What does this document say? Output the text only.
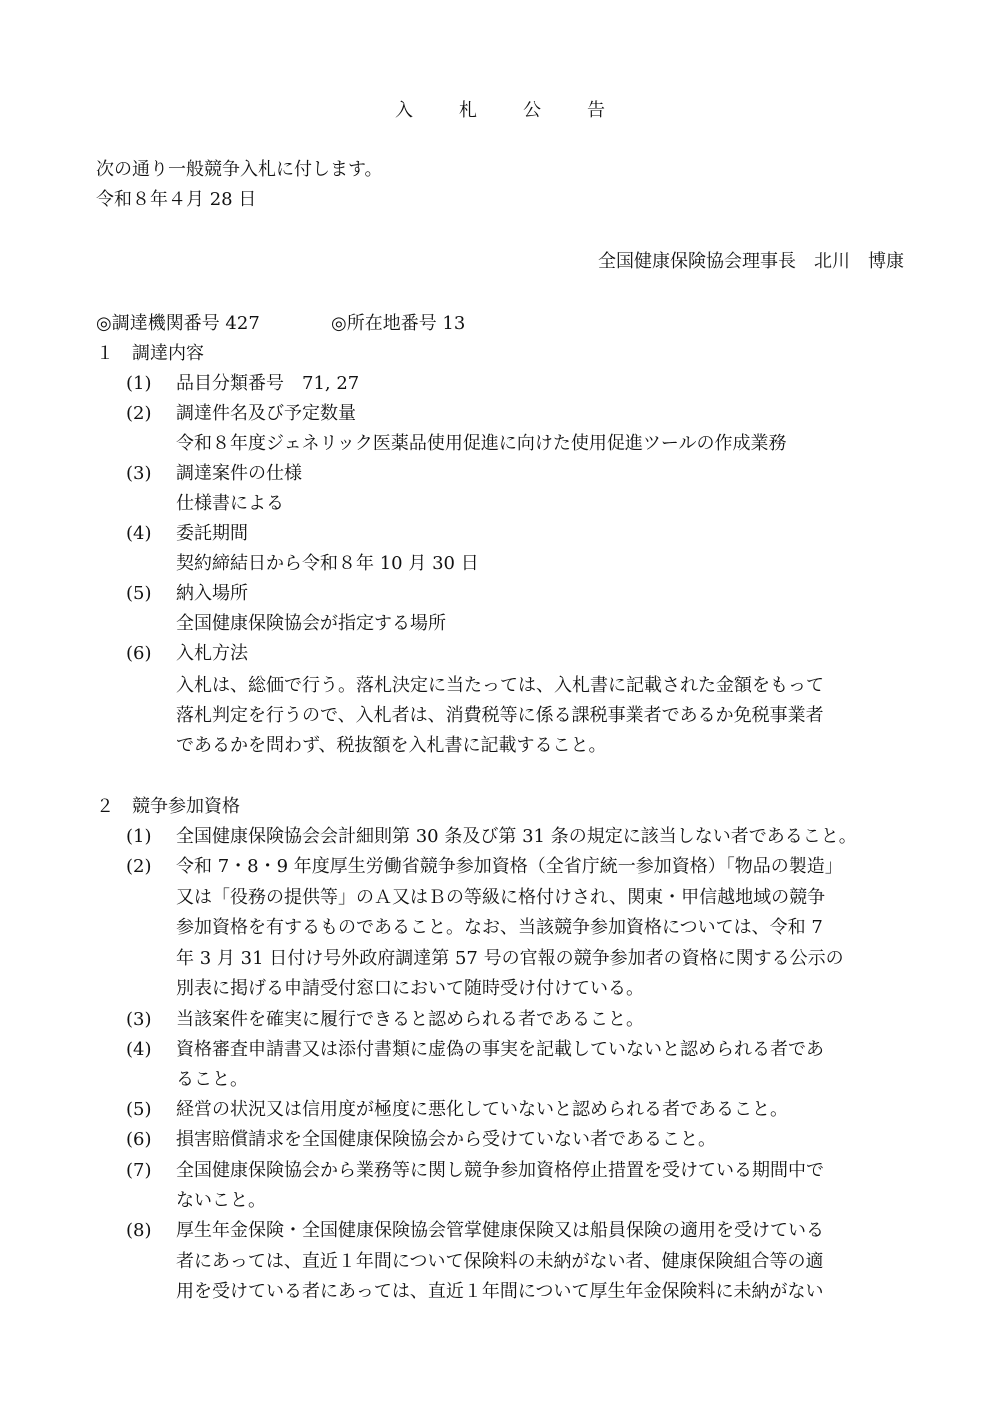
入　札　公　告

次の通り一般競争入札に付します。

令和８年４月 28 日

全国健康保険協会理事長　北川　博康

◎調達機関番号 427	◎所在地番号 13

１　調達内容

(1) 品目分類番号　71, 27

(2) 調達件名及び予定数量

令和８年度ジェネリック医薬品使用促進に向けた使用促進ツールの作成業務

(3) 調達案件の仕様

仕様書による

(4) 委託期間

契約締結日から令和８年 10 月 30 日

(5) 納入場所

全国健康保険協会が指定する場所

(6) 入札方法

入札は、総価で行う。落札決定に当たっては、入札書に記載された金額をもって

落札判定を行うので、入札者は、消費税等に係る課税事業者であるか免税事業者

であるかを問わず、税抜額を入札書に記載すること。

２　競争参加資格

(1) 全国健康保険協会会計細則第 30 条及び第 31 条の規定に該当しない者であること。

(2) 令和 7・8・9 年度厚生労働省競争参加資格（全省庁統一参加資格）「物品の製造」

又は「役務の提供等」のＡ又はＢの等級に格付けされ、関東・甲信越地域の競争

参加資格を有するものであること。なお、当該競争参加資格については、令和 7

年 3 月 31 日付け号外政府調達第 57 号の官報の競争参加者の資格に関する公示の

別表に掲げる申請受付窓口において随時受け付けている。

(3) 当該案件を確実に履行できると認められる者であること。

(4) 資格審査申請書又は添付書類に虚偽の事実を記載していないと認められる者であ

ること。

(5) 経営の状況又は信用度が極度に悪化していないと認められる者であること。

(6) 損害賠償請求を全国健康保険協会から受けていない者であること。

(7) 全国健康保険協会から業務等に関し競争参加資格停止措置を受けている期間中で

ないこと。

(8) 厚生年金保険・全国健康保険協会管掌健康保険又は船員保険の適用を受けている

者にあっては、直近１年間について保険料の未納がない者、健康保険組合等の適

用を受けている者にあっては、直近１年間について厚生年金保険料に未納がない
